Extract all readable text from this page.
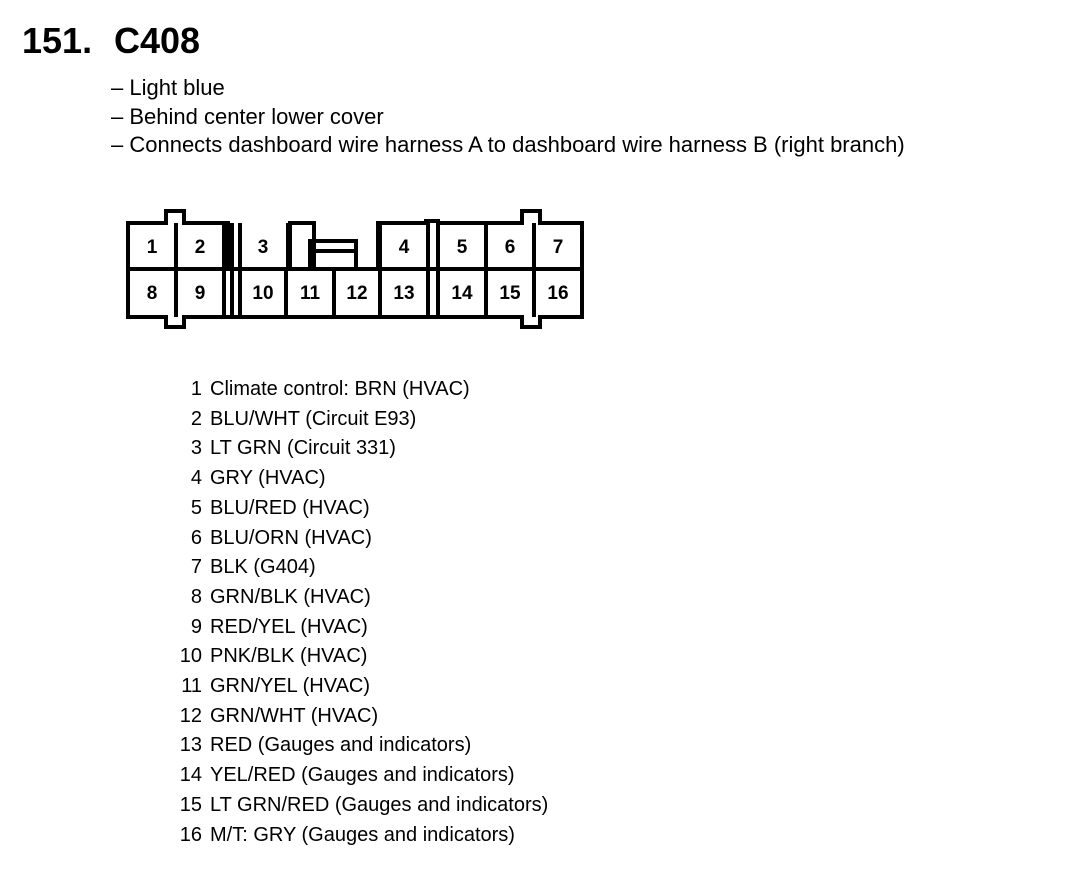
151. C408
– Light blue
– Behind center lower cover
– Connects dashboard wire harness A to dashboard wire harness B (right branch)
1 2	3	4 5 6 7
8 9 10 11 12 13 14 15 16
1 Climate control: BRN (HVAC)
2 BLU/WHT (Circuit E93)
3 LT GRN (Circuit 331)
4 GRY (HVAC)
5 BLU/RED (HVAC)
6 BLU/ORN (HVAC)
7 BLK (G404)
8 GRN/BLK (HVAC)
9 RED/YEL (HVAC)
10 PNK/BLK (HVAC)
11 GRN/YEL (HVAC)
12 GRN/WHT (HVAC)
13 RED (Gauges and indicators)
14 YEL/RED (Gauges and indicators)
15 LT GRN/RED (Gauges and indicators)
16 M/T: GRY (Gauges and indicators)
